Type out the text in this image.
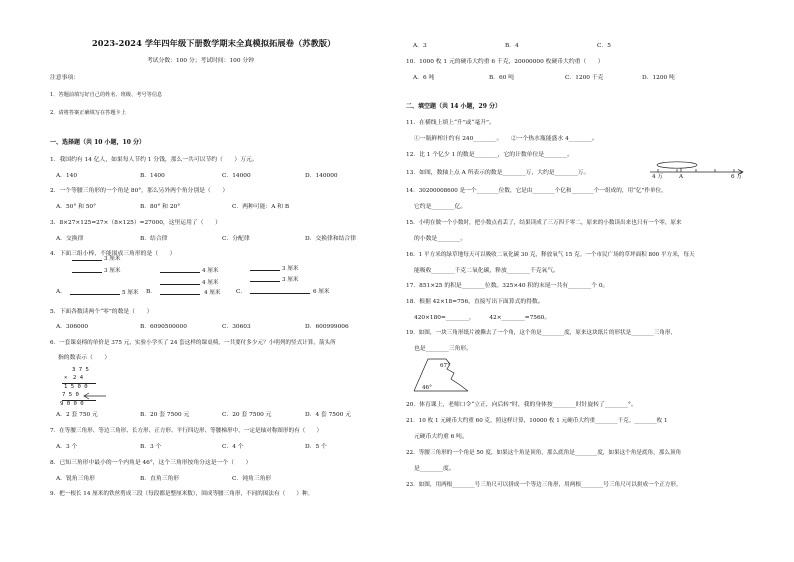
2023-2024 学年四年级下册数学期末全真模拟拓展卷（苏教版）
考试分数：100 分；考试时间：100 分钟
注意事项：
1．答题前填写好自己的姓名、班级、考号等信息
2．请将答案正确填写在答题卡上
一、选择题（共 10 小题，10 分）
1．我国约有 14 亿人，如果每人节约 1 分钱，那么一共可以节约（　　）万元。
A．140	B．1400	C．14000	D．140000
2．一个等腰三角形的一个角是 80°，那么另外两个角分别是（　　）
A．50° 和 50°	B．80° 和 20°	C．两种可能：A 和 B
3．8×27×125=27×（8×125）=27000，这里运用了（　　）
A．交换律	B．结合律	C．分配律	D．交换律和结合律
4．下面三组小棒，不能围成三角形的是（　　）
A．	B．	C．
3 厘米
3 厘米
5 厘米
4 厘米
4 厘米
4 厘米
3 厘米
3 厘米
6 厘米
5．下面各数读两个“零”的数是（　　）
A．306000	B．6090500000	C．30603	D．600999006
6．一套课桌椅的单价是 375 元，实验小学买了 24 套这样的课桌椅，一共要付多少元？小明列的竖式计算，箭头所
指的数表示（　　）
3 7 5
×　2 4
1 5 0 0
7 5 0
9 0 0 0
A．2 套 750 元	B．20 套 7500 元	C．20 套 7500 元	D．4 套 7500 元
7．在等腰三角形、等边三角形、长方形、正方形、平行四边形、等腰梯形中，一定是轴对称图形的有（　　）
A．3 个	B．3 个	C．4 个	D．5 个
8．已知三角形中最小的一个内角是 46°，这个三角形按角分这是一个（　　）
A．锐角三角形	B．直角三角形	C．钝角三角形
9．把一根长 14 厘米的铁丝剪成三段（每段都是整厘米数），围成等腰三角形，不同的围法有（　　）种。
A．3	B．4	C．5
10．1000 枚 1 元的硬币大约重 6 千克，20000000 枚硬币大约重（　　）
A．6 吨	B．60 吨	C．1200 千克	D．1200 吨
二、填空题（共 14 小题，29 分）
11．在横线上填上“升”或“毫升”。
①一瓶鲜榨汁约有 240________。　　②一个热水瓶能盛水 4________。
12．比 1 个亿少 1 的数是________，它的计数单位是________。
13．如图，数轴上点 A 所表示的数是________万，大约是________万。
4 万	A	6 万
14．30200008600 是一个________位数，它是由________个亿和________个一组成的，用“亿”作单位，
它约是________亿。
15．小明在做一个小数时，把小数点看丢了，结果读成了三万四千零二，原来的小数读出来也只有一个零，原来
的小数是________。
16．1 平方米的绿草地每天可以吸收二氧化碳 30 克，释放氧气 15 克。一个市民广场的草坪面积 800 平方米，每天
能吸收________千克二氧化碳，释放________千克氧气。
17．851×25 的积是________位数。325×40 积的末尾一共有________个 0。
18．根据 42×18=756，直接写出下面算式的得数。
420×180=________，　　　42×________=7560。
19．如图，一块三角形纸片被撕去了一个角，这个角是________度，原来这块纸片的形状是________三角形，
也是________三角形。
67°
46°
20．体育课上，老师口令“立正，向后转”时，我的身体按________时针旋转了________°。
21．10 枚 1 元硬币大约重 60 克，照这样计算，10000 枚 1 元硬币大约重________千克。________枚 1
元硬币大约重 6 吨。
22．等腰三角形的一个角是 50 度，如果这个角是顶角，那么底角是________度，如果这个角是底角，那么顶角
是________度。
23．如图，用两根________号三角尺可以拼成一个等边三角形，用两根________号三角尺可以拼成一个正方形。
